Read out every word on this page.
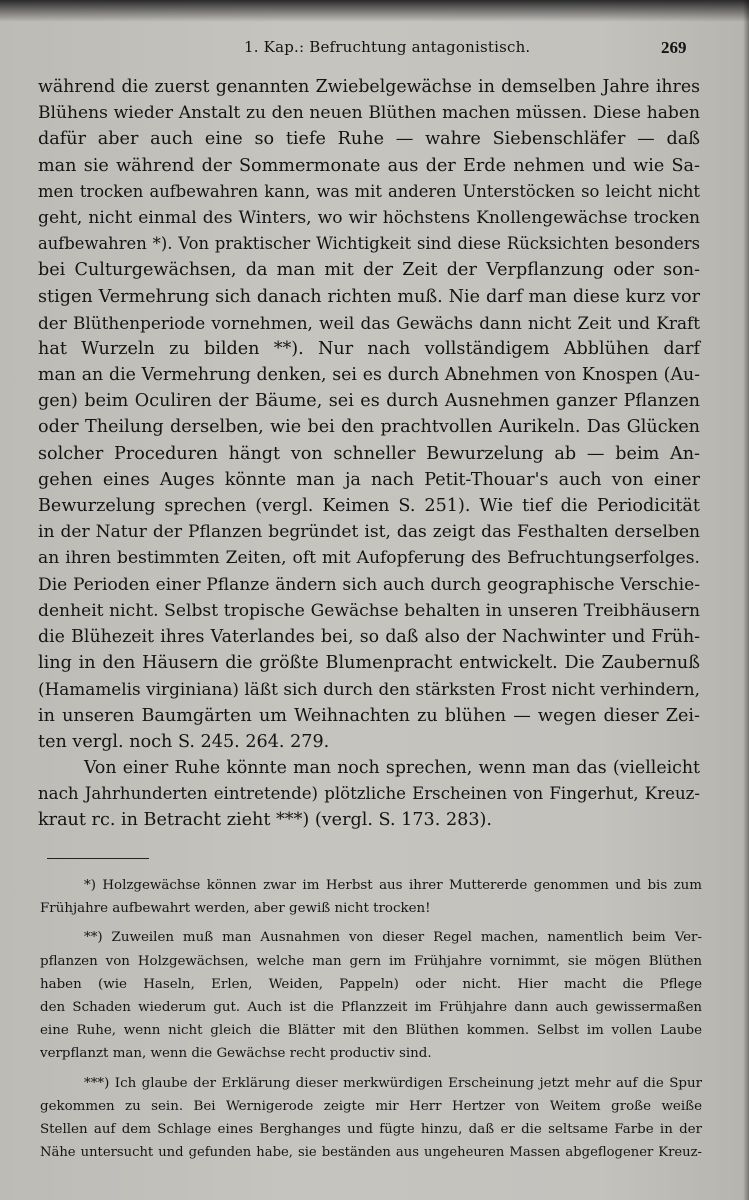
1. Kap.: Befruchtung antagonistisch.	269
während die zuerst genannten Zwiebelgewächse in demselben Jahre ihres
Blühens wieder Anstalt zu den neuen Blüthen machen müssen. Diese haben
dafür aber auch eine so tiefe Ruhe — wahre Siebenschläfer — daß
man sie während der Sommermonate aus der Erde nehmen und wie Sa-
men trocken aufbewahren kann, was mit anderen Unterstöcken so leicht nicht
geht, nicht einmal des Winters, wo wir höchstens Knollengewächse trocken
aufbewahren *). Von praktischer Wichtigkeit sind diese Rücksichten besonders
bei Culturgewächsen, da man mit der Zeit der Verpflanzung oder son-
stigen Vermehrung sich danach richten muß. Nie darf man diese kurz vor
der Blüthenperiode vornehmen, weil das Gewächs dann nicht Zeit und Kraft
hat Wurzeln zu bilden **). Nur nach vollständigem Abblühen darf
man an die Vermehrung denken, sei es durch Abnehmen von Knospen (Au-
gen) beim Oculiren der Bäume, sei es durch Ausnehmen ganzer Pflanzen
oder Theilung derselben, wie bei den prachtvollen Aurikeln. Das Glücken
solcher Proceduren hängt von schneller Bewurzelung ab — beim An-
gehen eines Auges könnte man ja nach Petit-Thouar's auch von einer
Bewurzelung sprechen (vergl. Keimen S. 251). Wie tief die Periodicität
in der Natur der Pflanzen begründet ist, das zeigt das Festhalten derselben
an ihren bestimmten Zeiten, oft mit Aufopferung des Befruchtungserfolges.
Die Perioden einer Pflanze ändern sich auch durch geographische Verschie-
denheit nicht. Selbst tropische Gewächse behalten in unseren Treibhäusern
die Blühezeit ihres Vaterlandes bei, so daß also der Nachwinter und Früh-
ling in den Häusern die größte Blumenpracht entwickelt. Die Zaubernuß
(Hamamelis virginiana) läßt sich durch den stärksten Frost nicht verhindern,
in unseren Baumgärten um Weihnachten zu blühen — wegen dieser Zei-
ten vergl. noch S. 245. 264. 279.
Von einer Ruhe könnte man noch sprechen, wenn man das (vielleicht
nach Jahrhunderten eintretende) plötzliche Erscheinen von Fingerhut, Kreuz-
kraut rc. in Betracht zieht ***) (vergl. S. 173. 283).
*) Holzgewächse können zwar im Herbst aus ihrer Muttererde genommen und bis zum
Frühjahre aufbewahrt werden, aber gewiß nicht trocken!
**) Zuweilen muß man Ausnahmen von dieser Regel machen, namentlich beim Ver-
pflanzen von Holzgewächsen, welche man gern im Frühjahre vornimmt, sie mögen Blüthen
haben (wie Haseln, Erlen, Weiden, Pappeln) oder nicht. Hier macht die Pflege
den Schaden wiederum gut. Auch ist die Pflanzzeit im Frühjahre dann auch gewissermaßen
eine Ruhe, wenn nicht gleich die Blätter mit den Blüthen kommen. Selbst im vollen Laube
verpflanzt man, wenn die Gewächse recht productiv sind.
***) Ich glaube der Erklärung dieser merkwürdigen Erscheinung jetzt mehr auf die Spur
gekommen zu sein. Bei Wernigerode zeigte mir Herr Hertzer von Weitem große weiße
Stellen auf dem Schlage eines Berghanges und fügte hinzu, daß er die seltsame Farbe in der
Nähe untersucht und gefunden habe, sie beständen aus ungeheuren Massen abgeflogener Kreuz-
